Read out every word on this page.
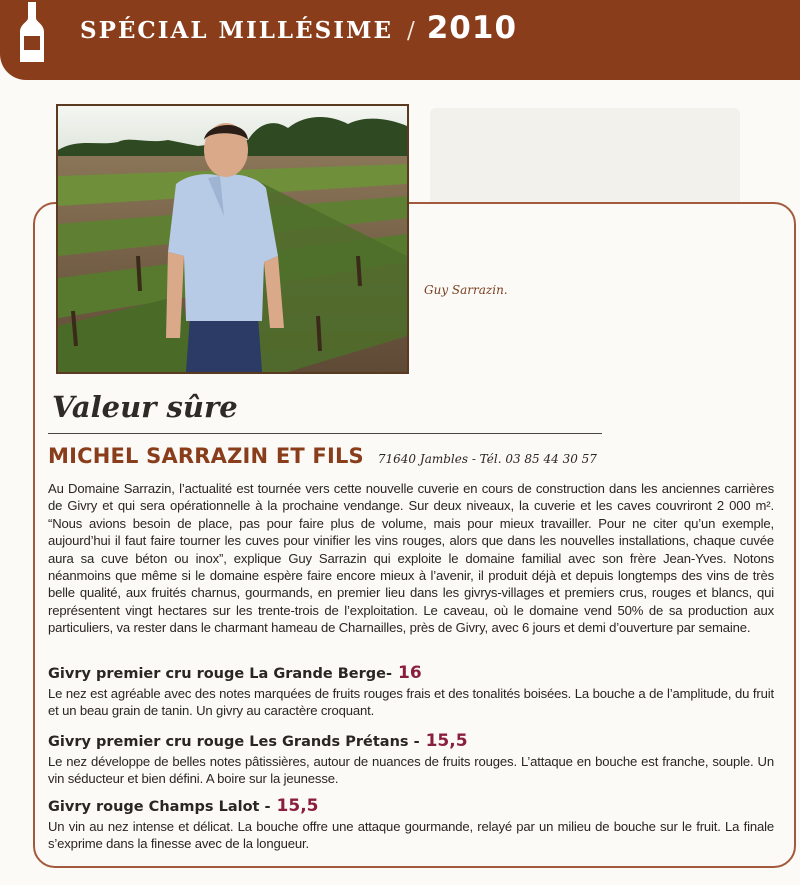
SPÉCIAL MILLÉSIME / 2010
Guy Sarrazin.
Valeur sûre
MICHEL SARRAZIN ET FILS 71640 Jambles - Tél. 03 85 44 30 57

Au Domaine Sarrazin, l’actualité est tournée vers cette nouvelle cuverie en cours de construction dans les anciennes carrières de Givry et qui sera opérationnelle à la prochaine vendange. Sur deux niveaux, la cuverie et les caves couvriront 2 000 m². “Nous avions besoin de place, pas pour faire plus de volume, mais pour mieux travailler. Pour ne citer qu’un exemple, aujourd’hui il faut faire tourner les cuves pour vinifier les vins rouges, alors que dans les nouvelles installations, chaque cuvée aura sa cuve béton ou inox”, explique Guy Sarrazin qui exploite le domaine familial avec son frère Jean-Yves. Notons néanmoins que même si le domaine espère faire encore mieux à l’avenir, il produit déjà et depuis longtemps des vins de très belle qualité, aux fruités charnus, gourmands, en premier lieu dans les givrys-villages et premiers crus, rouges et blancs, qui représentent vingt hectares sur les trente-trois de l’exploitation. Le caveau, où le domaine vend 50% de sa production aux particuliers, va rester dans le charmant hameau de Charnailles, près de Givry, avec 6 jours et demi d’ouverture par semaine.

Givry premier cru rouge La Grande Berge- 16

Le nez est agréable avec des notes marquées de fruits rouges frais et des tonalités boisées. La bouche a de l’amplitude, du fruit et un beau grain de tanin. Un givry au caractère croquant.

Givry premier cru rouge Les Grands Prétans - 15,5

Le nez développe de belles notes pâtissières, autour de nuances de fruits rouges. L’attaque en bouche est franche, souple. Un vin séducteur et bien défini. A boire sur la jeunesse.

Givry rouge Champs Lalot - 15,5

Un vin au nez intense et délicat. La bouche offre une attaque gourmande, relayé par un milieu de bouche sur le fruit. La finale s’exprime dans la finesse avec de la longueur.
